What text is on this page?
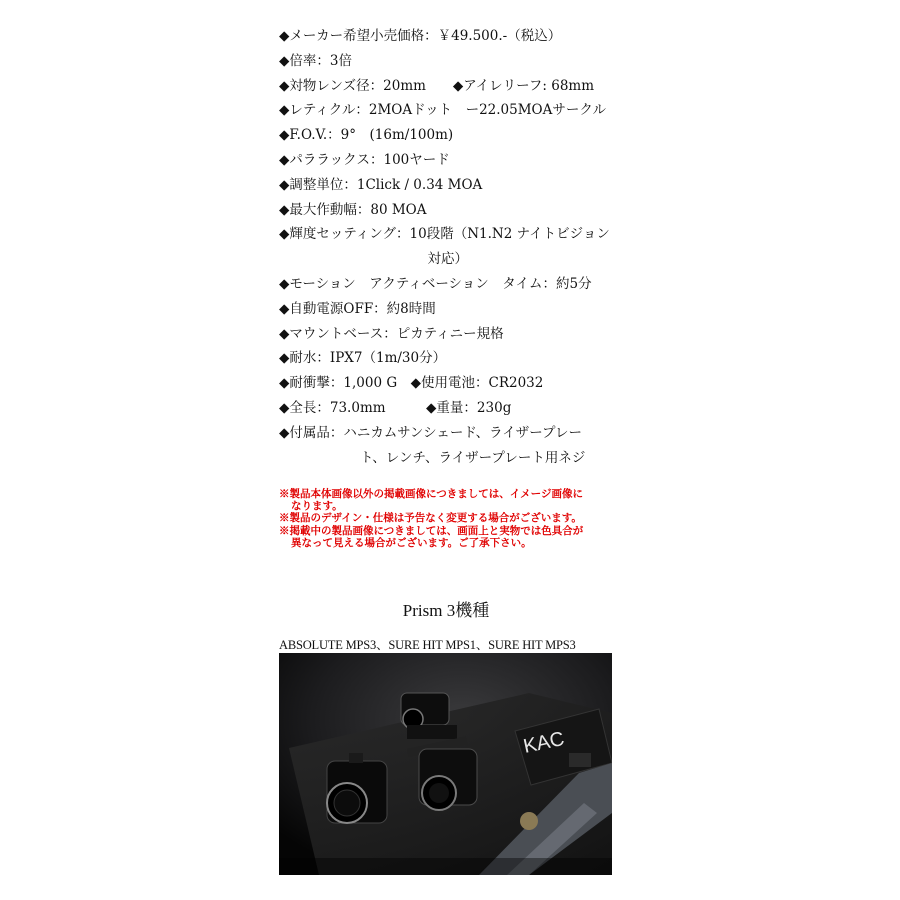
◆メーカー希望小売価格：￥49.500.-（税込）
◆倍率：3倍
◆対物レンズ径：20mm　　◆アイレリーフ: 68mm
◆レティクル：2MOAドット　ー22.05MOAサークル
◆F.O.V.：9°　(16m/100m)
◆パララックス：100ヤード
◆調整単位：1Click / 0.34 MOA
◆最大作動幅：80 MOA
◆輝度セッティング：10段階（N1.N2 ナイトビジョン
　　　　　　　　　　　対応）
◆モーション　アクティベーション　タイム：約5分
◆自動電源OFF：約8時間
◆マウントベース：ピカティニー規格
◆耐水：IPX7（1m/30分）
◆耐衝撃：1,000 G　◆使用電池：CR2032
◆全長：73.0mm　　　◆重量：230g
◆付属品：ハニカムサンシェード、ライザープレー
　　　　　　ト、レンチ、ライザープレート用ネジ
※製品本体画像以外の掲載画像につきましては、イメージ画像に
なります。
※製品のデザイン・仕様は予告なく変更する場合がございます。
※掲載中の製品画像につきましては、画面上と実物では色具合が
異なって見える場合がございます。ご了承下さい。
Prism 3機種
ABSOLUTE MPS3、SURE HIT MPS1、SURE HIT MPS3
KAC
